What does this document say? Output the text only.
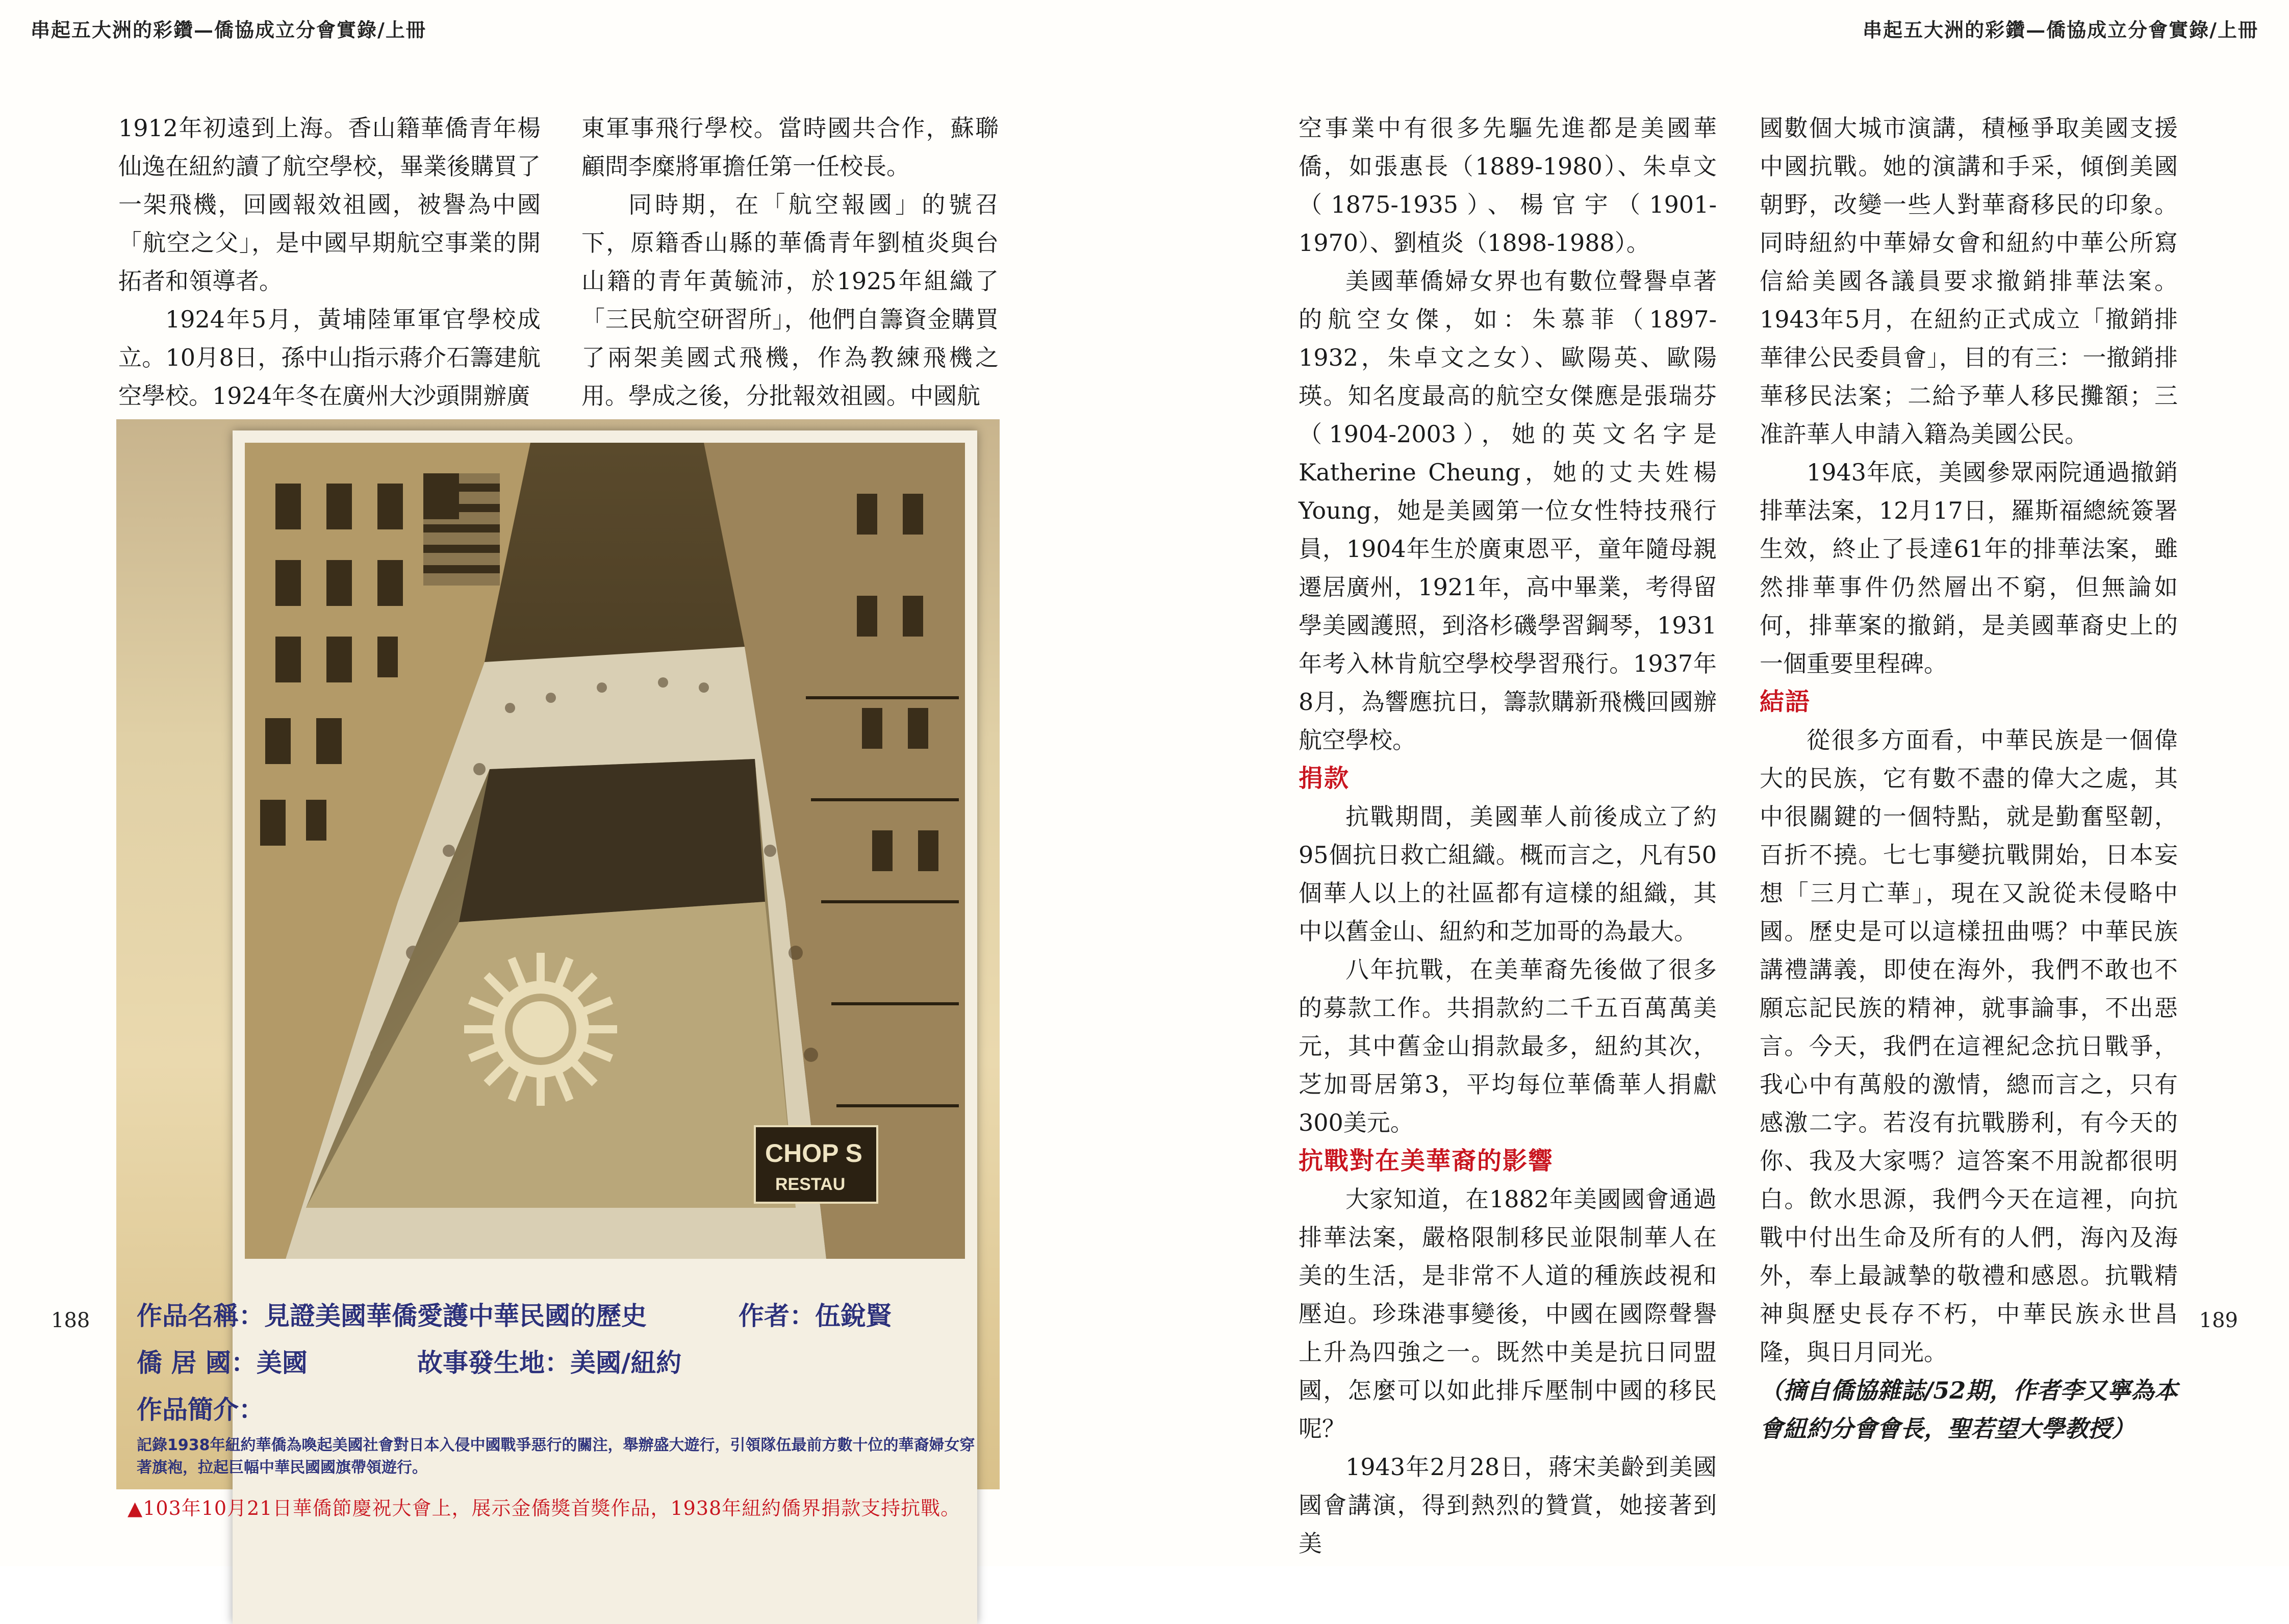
串起五大洲的彩鑽—僑協成立分會實錄/上冊

1912年初遠到上海。香山籍華僑青年楊仙逸在紐約讀了航空學校，畢業後購買了一架飛機，回國報效祖國，被譽為中國「航空之父」，是中國早期航空事業的開拓者和領導者。

1924年5月，黃埔陸軍軍官學校成立。10月8日，孫中山指示蔣介石籌建航空學校。1924年冬在廣州大沙頭開辦廣

東軍事飛行學校。當時國共合作，蘇聯顧問李糜將軍擔任第一任校長。

同時期，在「航空報國」的號召下，原籍香山縣的華僑青年劉植炎與台山籍的青年黃毓沛，於1925年組織了「三民航空研習所」，他們自籌資金購買了兩架美國式飛機，作為教練飛機之用。學成之後，分批報效祖國。中國航

CHOP S
RESTAU
作品名稱：見證美國華僑愛護中華民國的歷史	作者：伍銳賢
僑 居 國：美國	故事發生地：美國/紐約
作品簡介：
記錄1938年紐約華僑為喚起美國社會對日本入侵中國戰爭惡行的關注，舉辦盛大遊行，引領隊伍最前方數十位的華裔婦女穿著旗袍，拉起巨幅中華民國國旗帶領遊行。
▲103年10月21日華僑節慶祝大會上，展示金僑獎首獎作品，1938年紐約僑界捐款支持抗戰。
188
串起五大洲的彩鑽—僑協成立分會實錄/上冊

空事業中有很多先驅先進都是美國華僑，如張惠長（1889-1980）、朱卓文（1875-1935）、楊官宇（1901-1970）、劉植炎（1898-1988）。

美國華僑婦女界也有數位聲譽卓著的航空女傑，如：朱慕菲（1897-1932，朱卓文之女）、歐陽英、歐陽瑛。知名度最高的航空女傑應是張瑞芬（1904-2003），她的英文名字是Katherine Cheung，她的丈夫姓楊Young，她是美國第一位女性特技飛行員，1904年生於廣東恩平，童年隨母親遷居廣州，1921年，高中畢業，考得留學美國護照，到洛杉磯學習鋼琴，1931年考入林肯航空學校學習飛行。1937年8月，為響應抗日，籌款購新飛機回國辦航空學校。

捐款

抗戰期間，美國華人前後成立了約95個抗日救亡組織。概而言之，凡有50個華人以上的社區都有這樣的組織，其中以舊金山、紐約和芝加哥的為最大。

八年抗戰，在美華裔先後做了很多的募款工作。共捐款約二千五百萬萬美元，其中舊金山捐款最多，紐約其次，芝加哥居第3，平均每位華僑華人捐獻300美元。

抗戰對在美華裔的影響

大家知道，在1882年美國國會通過排華法案，嚴格限制移民並限制華人在美的生活，是非常不人道的種族歧視和壓迫。珍珠港事變後，中國在國際聲譽上升為四強之一。既然中美是抗日同盟國，怎麼可以如此排斥壓制中國的移民呢？

1943年2月28日，蔣宋美齡到美國國會講演，得到熱烈的贊賞，她接著到美

國數個大城市演講，積極爭取美國支援中國抗戰。她的演講和手采，傾倒美國朝野，改變一些人對華裔移民的印象。同時紐約中華婦女會和紐約中華公所寫信給美國各議員要求撤銷排華法案。1943年5月，在紐約正式成立「撤銷排華律公民委員會」，目的有三：一撤銷排華移民法案；二給予華人移民攤額；三准許華人申請入籍為美國公民。

1943年底，美國參眾兩院通過撤銷排華法案，12月17日，羅斯福總統簽署生效，終止了長達61年的排華法案，雖然排華事件仍然層出不窮，但無論如何，排華案的撤銷，是美國華裔史上的一個重要里程碑。

結語

從很多方面看，中華民族是一個偉大的民族，它有數不盡的偉大之處，其中很關鍵的一個特點，就是勤奮堅韌，百折不撓。七七事變抗戰開始，日本妄想「三月亡華」，現在又說從未侵略中國。歷史是可以這樣扭曲嗎？中華民族講禮講義，即使在海外，我們不敢也不願忘記民族的精神，就事論事，不出惡言。今天，我們在這裡紀念抗日戰爭，我心中有萬般的激情，總而言之，只有感激二字。若沒有抗戰勝利，有今天的你、我及大家嗎？這答案不用說都很明白。飲水思源，我們今天在這裡，向抗戰中付出生命及所有的人們，海內及海外，奉上最誠摯的敬禮和感恩。抗戰精神與歷史長存不朽，中華民族永世昌隆，與日月同光。

（摘自僑協雜誌/52期，作者李又寧為本會紐約分會會長，聖若望大學教授）

189
